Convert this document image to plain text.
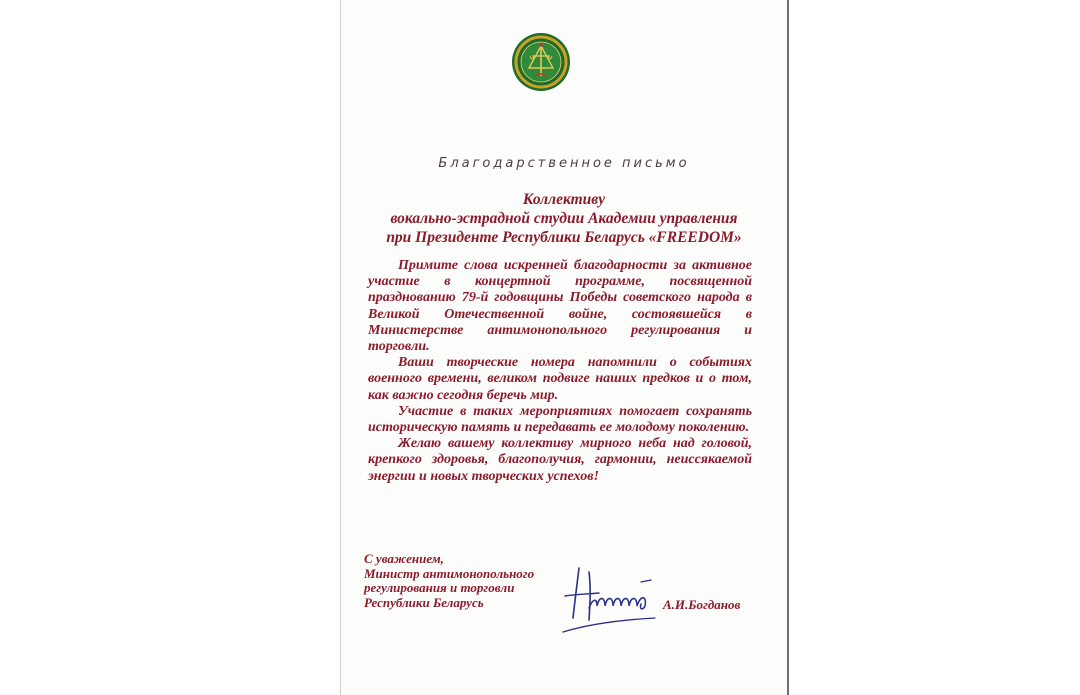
Благодарственное письмо
Коллективу
вокально-эстрадной студии Академии управления
при Президенте Республики Беларусь «FREEDOM»

Примите слова искренней благодарности за активное участие в концертной программе, посвященной празднованию 79-й годовщины Победы советского народа в Великой Отечественной войне, состоявшейся в Министерстве антимонопольного регулирования и торговли.

Ваши творческие номера напомнили о событиях военного времени, великом подвиге наших предков и о том, как важно сегодня беречь мир.

Участие в таких мероприятиях помогает сохранять историческую память и передавать ее молодому поколению.

Желаю вашему коллективу мирного неба над головой, крепкого здоровья, благополучия, гармонии, неиссякаемой энергии и новых творческих успехов!

С уважением,
Министр антимонопольного
регулирования и торговли
Республики Беларусь	А.И.Богданов
